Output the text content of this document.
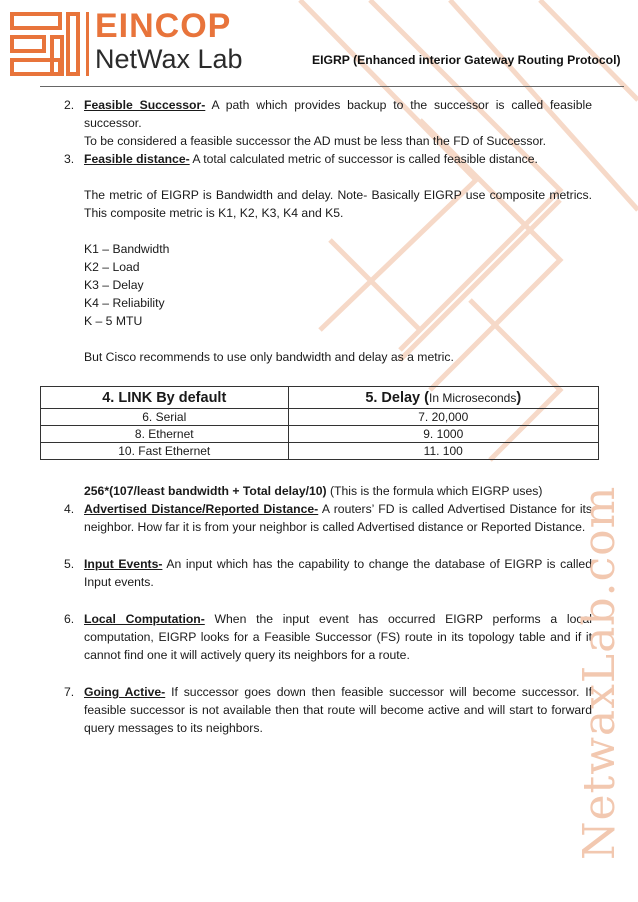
EINCOP
NetWax Lab	EIGRP (Enhanced interior Gateway Routing Protocol)
2. Feasible Successor- A path which provides backup to the successor is called feasible successor.
To be considered a feasible successor the AD must be less than the FD of Successor.
3. Feasible distance- A total calculated metric of successor is called feasible distance.
The metric of EIGRP is Bandwidth and delay. Note- Basically EIGRP use composite metrics. This composite metric is K1, K2, K3, K4 and K5.
K1 – Bandwidth
K2 – Load
K3 – Delay
K4 – Reliability
K – 5 MTU
But Cisco recommends to use only bandwidth and delay as a metric.
4. LINK By default	5. Delay (In Microseconds)
6. Serial	7. 20,000
8. Ethernet	9. 1000
10. Fast Ethernet	11. 100
256*(107/least bandwidth + Total delay/10) (This is the formula which EIGRP uses)
4. Advertised Distance/Reported Distance- A routers’ FD is called Advertised Distance for its neighbor. How far it is from your neighbor is called Advertised distance or Reported Distance.
5. Input Events- An input which has the capability to change the database of EIGRP is called Input events.
6. Local Computation- When the input event has occurred EIGRP performs a local computation, EIGRP looks for a Feasible Successor (FS) route in its topology table and if it cannot find one it will actively query its neighbors for a route.
7. Going Active- If successor goes down then feasible successor will become successor. If feasible successor is not available then that route will become active and will start to forward query messages to its neighbors.	NetwaxLab.com
